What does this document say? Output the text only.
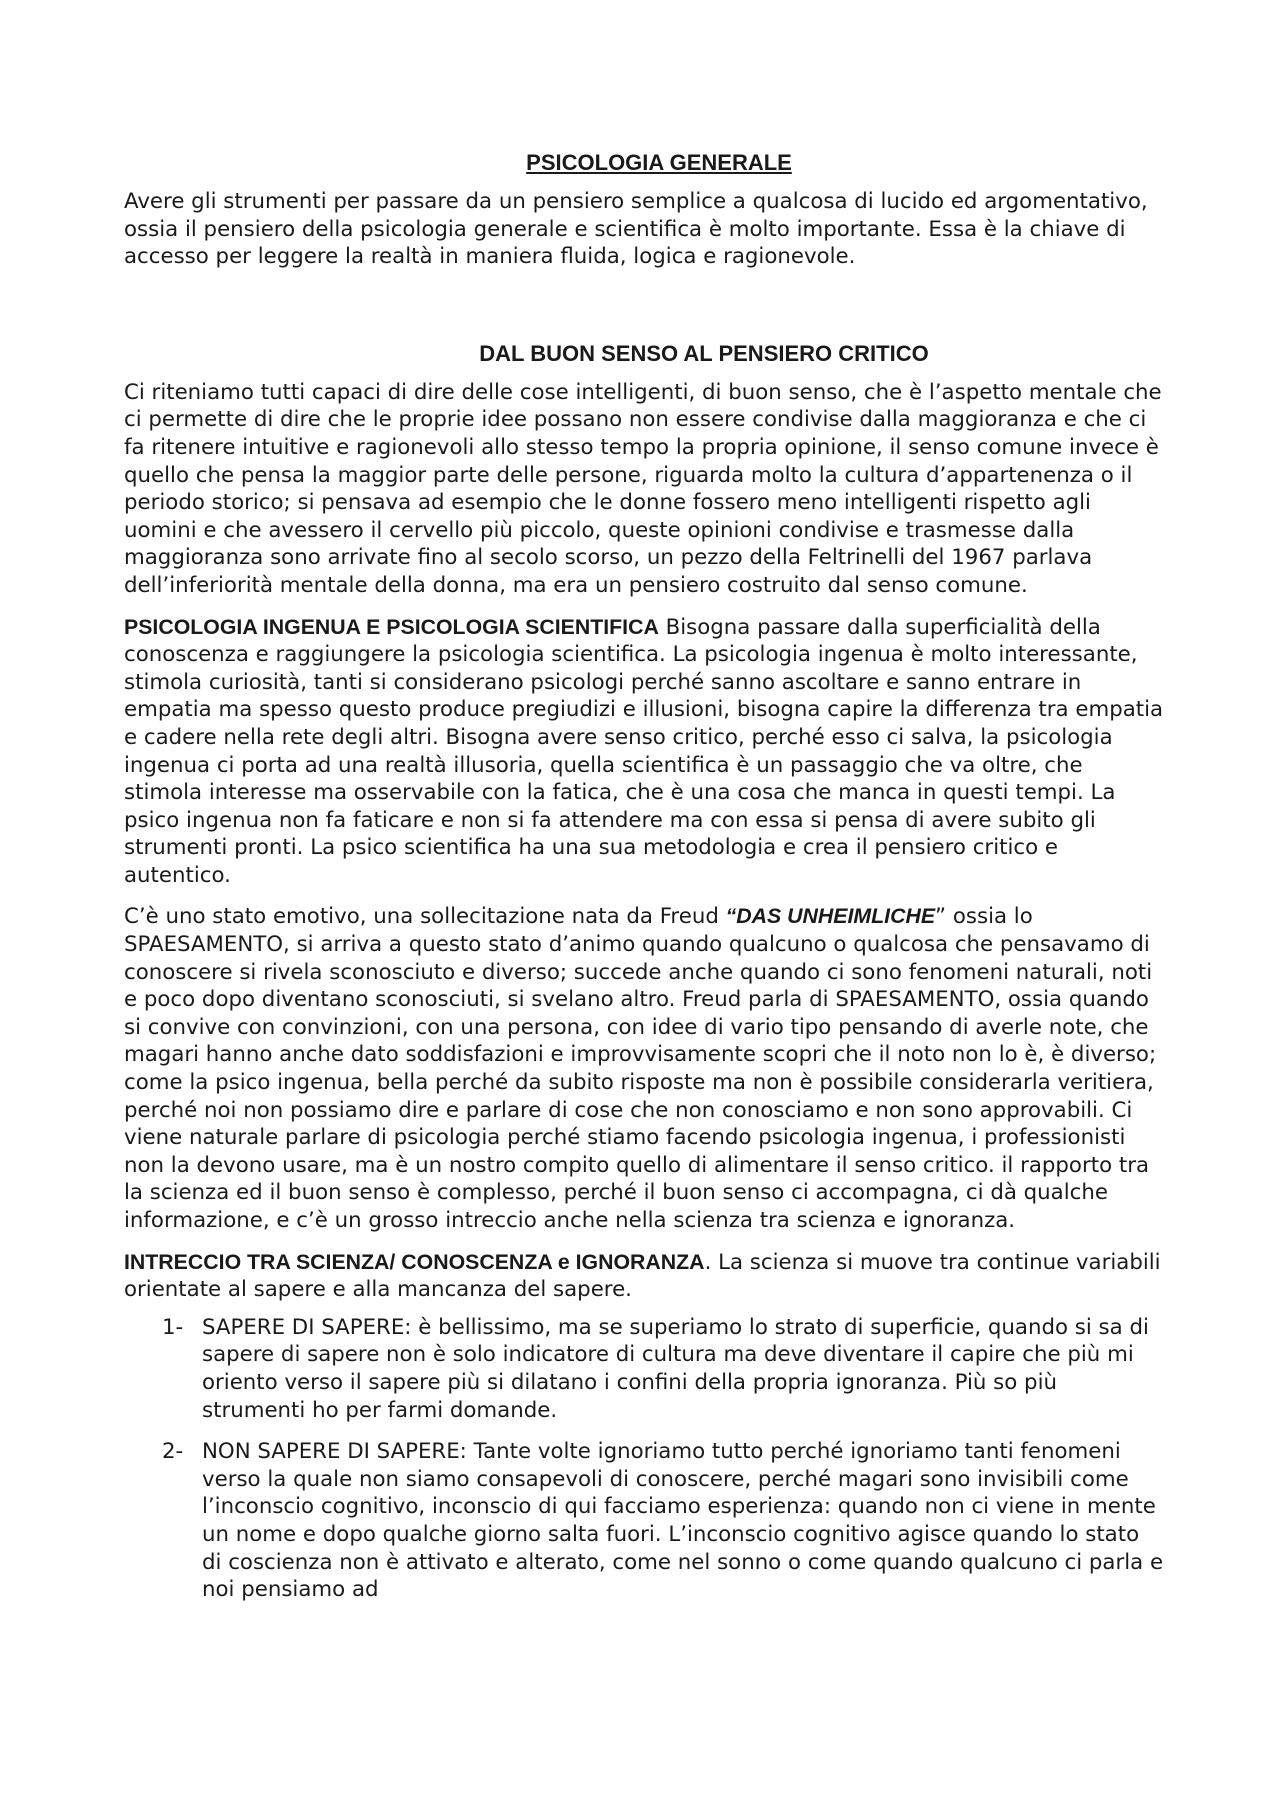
PSICOLOGIA GENERALE

Avere gli strumenti per passare da un pensiero semplice a qualcosa di lucido ed argomentativo, ossia il pensiero della psicologia generale e scientifica è molto importante. Essa è la chiave di accesso per leggere la realtà in maniera fluida, logica e ragionevole.

DAL BUON SENSO AL PENSIERO CRITICO

Ci riteniamo tutti capaci di dire delle cose intelligenti, di buon senso, che è l’aspetto mentale che ci permette di dire che le proprie idee possano non essere condivise dalla maggioranza e che ci fa ritenere intuitive e ragionevoli allo stesso tempo la propria opinione, il senso comune invece è quello che pensa la maggior parte delle persone, riguarda molto la cultura d’appartenenza o il periodo storico; si pensava ad esempio che le donne fossero meno intelligenti rispetto agli uomini e che avessero il cervello più piccolo, queste opinioni condivise e trasmesse dalla maggioranza sono arrivate fino al secolo scorso, un pezzo della Feltrinelli del 1967 parlava dell’inferiorità mentale della donna, ma era un pensiero costruito dal senso comune.

PSICOLOGIA INGENUA E PSICOLOGIA SCIENTIFICA Bisogna passare dalla superficialità della conoscenza e raggiungere la psicologia scientifica. La psicologia ingenua è molto interessante, stimola curiosità, tanti si considerano psicologi perché sanno ascoltare e sanno entrare in empatia ma spesso questo produce pregiudizi e illusioni, bisogna capire la differenza tra empatia e cadere nella rete degli altri. Bisogna avere senso critico, perché esso ci salva, la psicologia ingenua ci porta ad una realtà illusoria, quella scientifica è un passaggio che va oltre, che stimola interesse ma osservabile con la fatica, che è una cosa che manca in questi tempi. La psico ingenua non fa faticare e non si fa attendere ma con essa si pensa di avere subito gli strumenti pronti. La psico scientifica ha una sua metodologia e crea il pensiero critico e autentico.

C’è uno stato emotivo, una sollecitazione nata da Freud “DAS UNHEIMLICHE” ossia lo SPAESAMENTO, si arriva a questo stato d’animo quando qualcuno o qualcosa che pensavamo di conoscere si rivela sconosciuto e diverso; succede anche quando ci sono fenomeni naturali, noti e poco dopo diventano sconosciuti, si svelano altro. Freud parla di SPAESAMENTO, ossia quando si convive con convinzioni, con una persona, con idee di vario tipo pensando di averle note, che magari hanno anche dato soddisfazioni e improvvisamente scopri che il noto non lo è, è diverso; come la psico ingenua, bella perché da subito risposte ma non è possibile considerarla veritiera, perché noi non possiamo dire e parlare di cose che non conosciamo e non sono approvabili. Ci viene naturale parlare di psicologia perché stiamo facendo psicologia ingenua, i professionisti non la devono usare, ma è un nostro compito quello di alimentare il senso critico. il rapporto tra la scienza ed il buon senso è complesso, perché il buon senso ci accompagna, ci dà qualche informazione, e c’è un grosso intreccio anche nella scienza tra scienza e ignoranza.

INTRECCIO TRA SCIENZA/ CONOSCENZA e IGNORANZA. La scienza si muove tra continue variabili orientate al sapere e alla mancanza del sapere.

1- SAPERE DI SAPERE: è bellissimo, ma se superiamo lo strato di superficie, quando si sa di sapere di sapere non è solo indicatore di cultura ma deve diventare il capire che più mi oriento verso il sapere più si dilatano i confini della propria ignoranza. Più so più strumenti ho per farmi domande.
2- NON SAPERE DI SAPERE: Tante volte ignoriamo tutto perché ignoriamo tanti fenomeni verso la quale non siamo consapevoli di conoscere, perché magari sono invisibili come l’inconscio cognitivo, inconscio di qui facciamo esperienza: quando non ci viene in mente un nome e dopo qualche giorno salta fuori. L’inconscio cognitivo agisce quando lo stato di coscienza non è attivato e alterato, come nel sonno o come quando qualcuno ci parla e noi pensiamo ad
